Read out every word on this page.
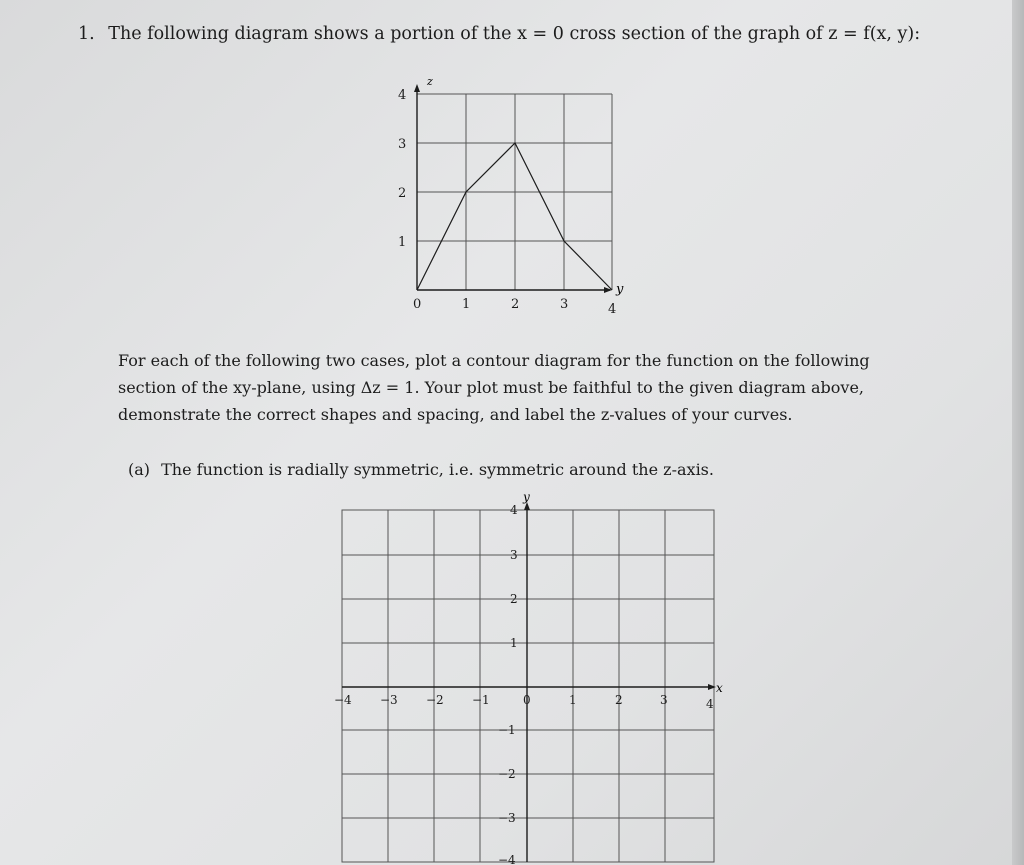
1. The following diagram shows a portion of the x = 0 cross section of the graph of z = f(x, y):
z
y
4
3
2
1
0	1	2	3	4
For each of the following two cases, plot a contour diagram for the function on the following
section of the xy-plane, using Δz = 1. Your plot must be faithful to the given diagram above,
demonstrate the correct shapes and spacing, and label the z-values of your curves.
(a) The function is radially symmetric, i.e. symmetric around the z-axis.
y
x
4
3
2
1
−1
−2
−3
−4
−4 −3 −2 −1	0	1	2	3	4
